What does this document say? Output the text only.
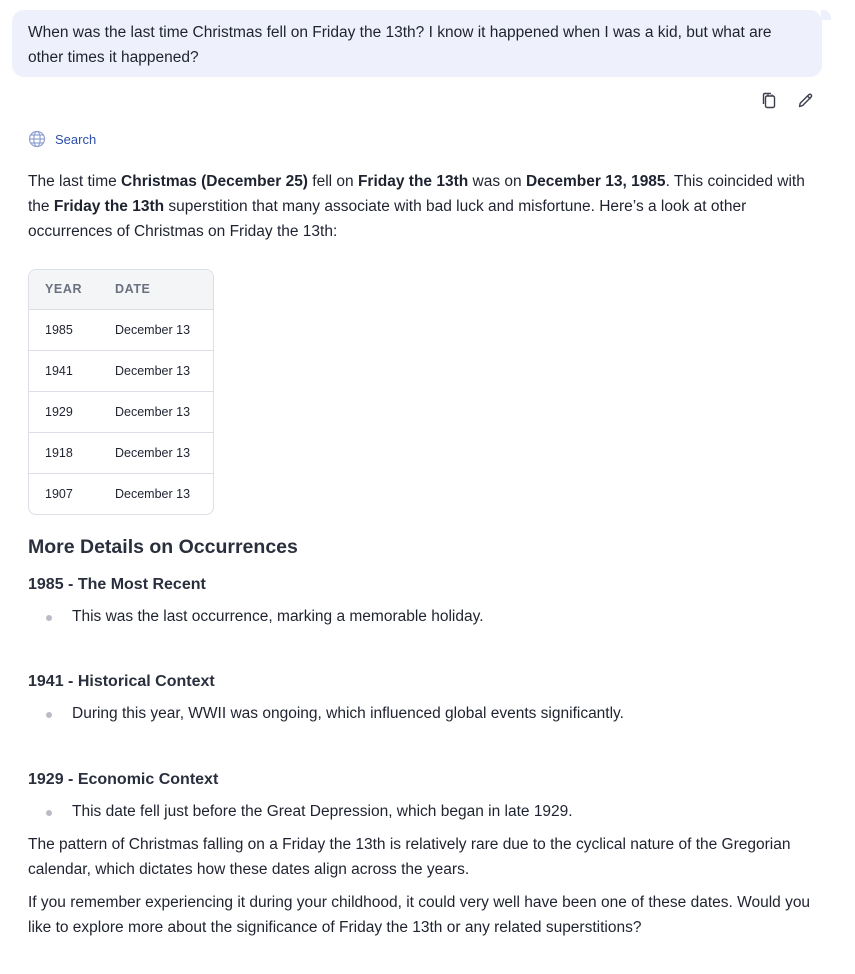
When was the last time Christmas fell on Friday the 13th? I know it happened when I was a kid, but what are other times it happened?
Search

The last time Christmas (December 25) fell on Friday the 13th was on December 13, 1985. This coincided with the Friday the 13th superstition that many associate with bad luck and misfortune. Here’s a look at other occurrences of Christmas on Friday the 13th:

YEAR	DATE
1985	December 13
1941	December 13
1929	December 13
1918	December 13
1907	December 13
More Details on Occurrences
1985 - The Most Recent
This was the last occurrence, marking a memorable holiday.
1941 - Historical Context
During this year, WWII was ongoing, which influenced global events significantly.
1929 - Economic Context
This date fell just before the Great Depression, which began in late 1929.

The pattern of Christmas falling on a Friday the 13th is relatively rare due to the cyclical nature of the Gregorian calendar, which dictates how these dates align across the years.

If you remember experiencing it during your childhood, it could very well have been one of these dates. Would you like to explore more about the significance of Friday the 13th or any related superstitions?
